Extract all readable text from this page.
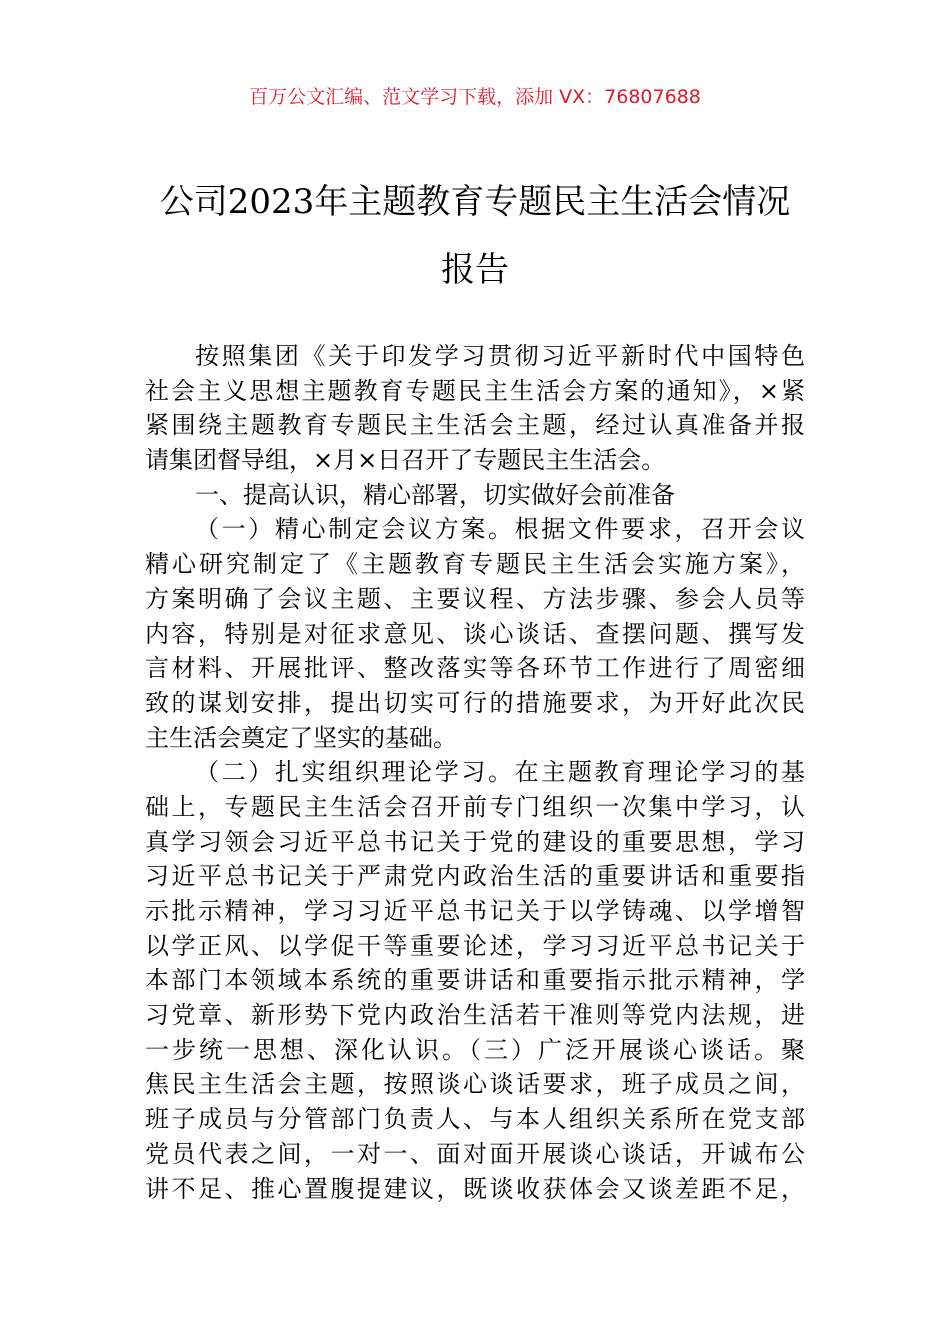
百万公文汇编、范文学习下载，添加 VX：76807688
公司2023年主题教育专题民主生活会情况
报告
按照集团《关于印发学习贯彻习近平新时代中国特色
社会主义思想主题教育专题民主生活会方案的通知》，×紧
紧围绕主题教育专题民主生活会主题，经过认真准备并报
请集团督导组，×月×日召开了专题民主生活会。
一、提高认识，精心部署，切实做好会前准备
（一）精心制定会议方案。根据文件要求，召开会议
精心研究制定了《主题教育专题民主生活会实施方案》，
方案明确了会议主题、主要议程、方法步骤、参会人员等
内容，特别是对征求意见、谈心谈话、查摆问题、撰写发
言材料、开展批评、整改落实等各环节工作进行了周密细
致的谋划安排，提出切实可行的措施要求，为开好此次民
主生活会奠定了坚实的基础。
（二）扎实组织理论学习。在主题教育理论学习的基
础上，专题民主生活会召开前专门组织一次集中学习，认
真学习领会习近平总书记关于党的建设的重要思想，学习
习近平总书记关于严肃党内政治生活的重要讲话和重要指
示批示精神，学习习近平总书记关于以学铸魂、以学增智
以学正风、以学促干等重要论述，学习习近平总书记关于
本部门本领域本系统的重要讲话和重要指示批示精神，学
习党章、新形势下党内政治生活若干准则等党内法规，进
一步统一思想、深化认识。（三）广泛开展谈心谈话。聚
焦民主生活会主题，按照谈心谈话要求，班子成员之间，
班子成员与分管部门负责人、与本人组织关系所在党支部
党员代表之间，一对一、面对面开展谈心谈话，开诚布公
讲不足、推心置腹提建议，既谈收获体会又谈差距不足，
